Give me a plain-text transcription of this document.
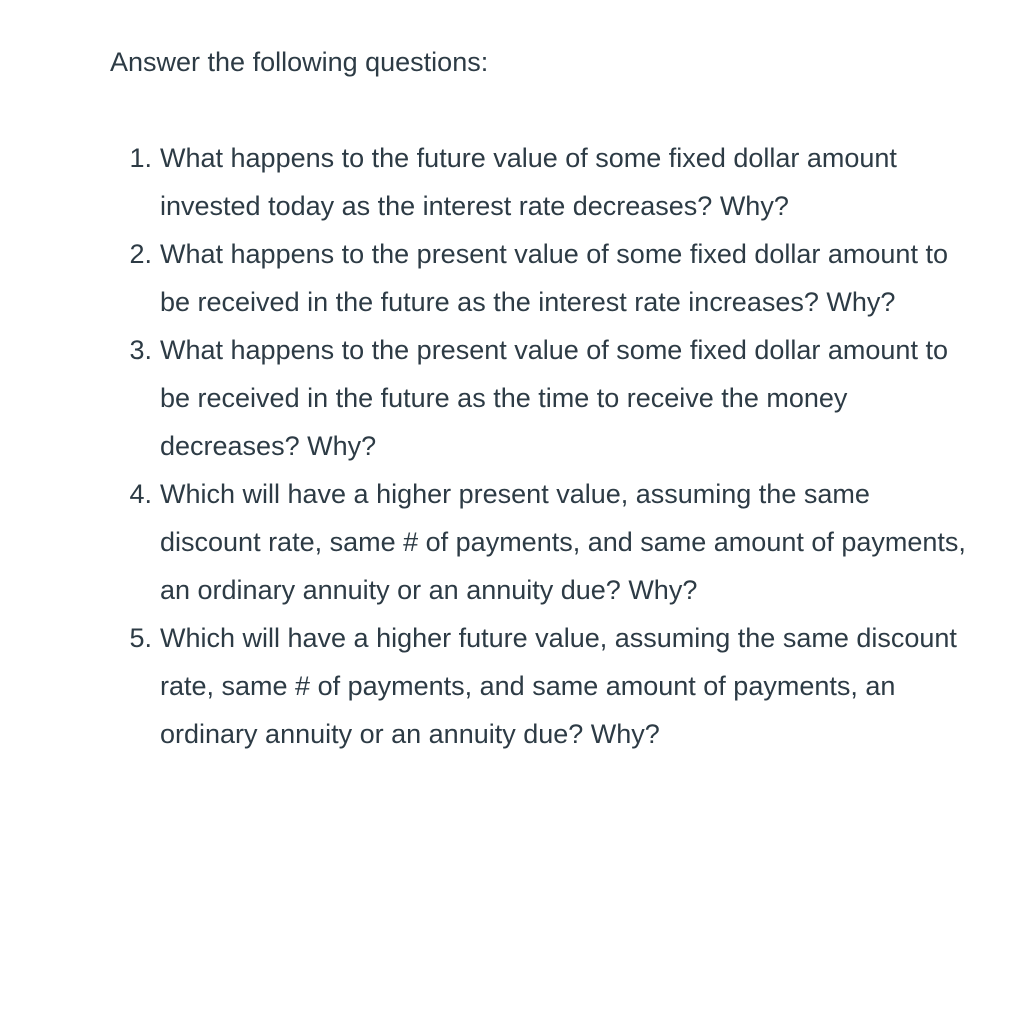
Answer the following questions:
1. What happens to the future value of some fixed dollar amount invested today as the interest rate decreases? Why?
2. What happens to the present value of some fixed dollar amount to be received in the future as the interest rate increases? Why?
3. What happens to the present value of some fixed dollar amount to be received in the future as the time to receive the money decreases? Why?
4. Which will have a higher present value, assuming the same discount rate, same # of payments, and same amount of payments, an ordinary annuity or an annuity due? Why?
5. Which will have a higher future value, assuming the same discount rate, same # of payments, and same amount of payments, an ordinary annuity or an annuity due? Why?
